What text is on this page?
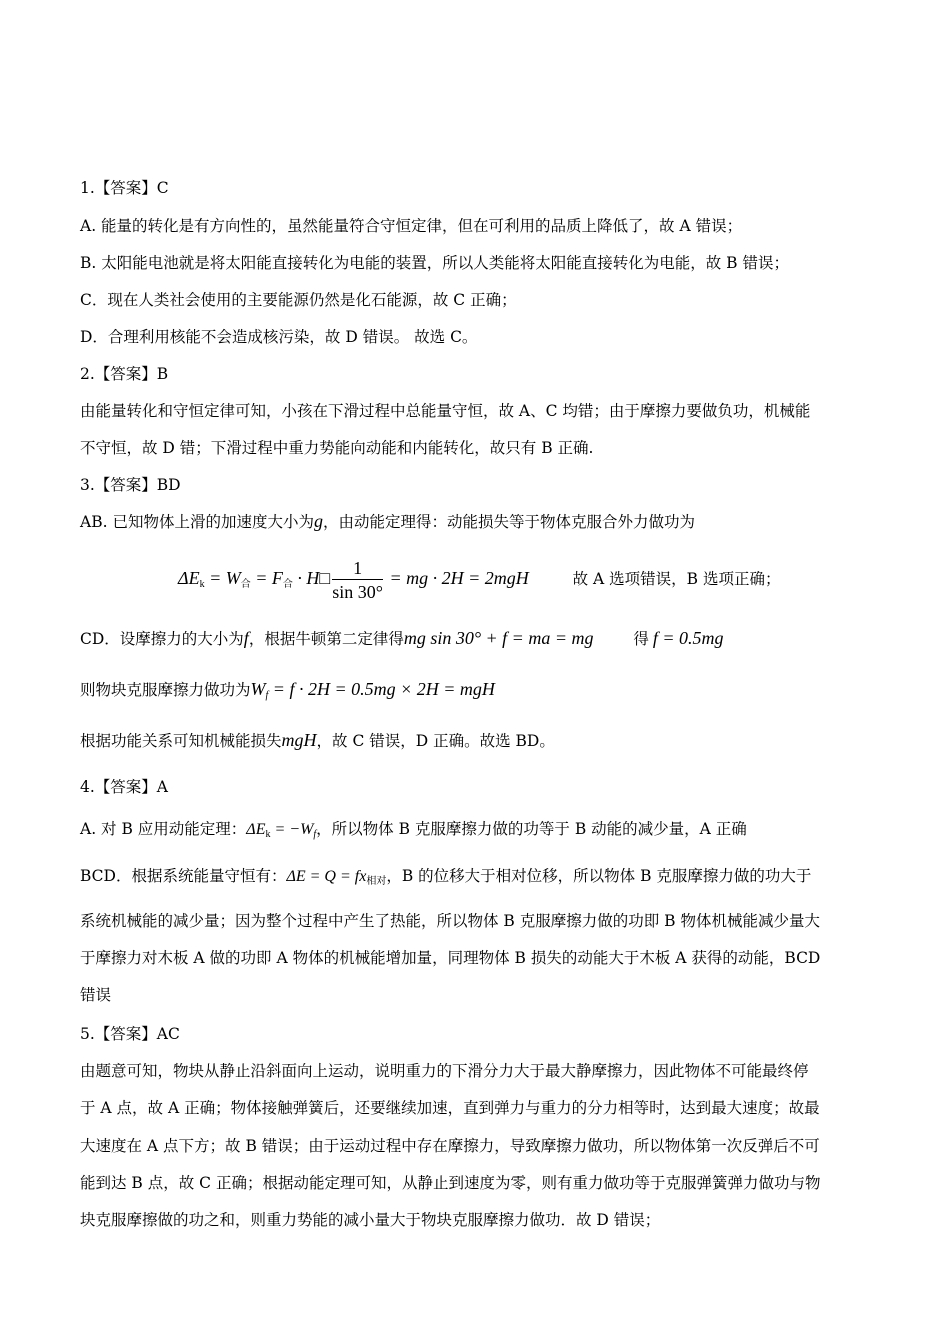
1.【答案】C
A. 能量的转化是有方向性的，虽然能量符合守恒定律，但在可利用的品质上降低了，故 A 错误；
B. 太阳能电池就是将太阳能直接转化为电能的装置，所以人类能将太阳能直接转化为电能，故 B 错误；
C．现在人类社会使用的主要能源仍然是化石能源，故 C 正确；
D．合理利用核能不会造成核污染，故 D 错误。 故选 C。
2.【答案】B
由能量转化和守恒定律可知，小孩在下滑过程中总能量守恒，故 A、C 均错；由于摩擦力要做负功，机械能
不守恒，故 D 错；下滑过程中重力势能向动能和内能转化，故只有 B 正确.
3.【答案】BD
AB. 已知物体上滑的加速度大小为g，由动能定理得：动能损失等于物体克服合外力做功为
$\Delta E_k = W_合 = F_合$ · H□ $\frac{1}{\sin 30^\circ}$ = mg · 2H = 2mgH	故 A 选项错误，B 选项正确；
CD．设摩擦力的大小为f，根据牛顿第二定律得mg sin 30° + f = ma = mg	得 f = 0.5mg
则物块克服摩擦力做功为$W_f = f \cdot 2H = 0.5mg \times 2H$ = mgH
根据功能关系可知机械能损失mgH，故 C 错误，D 正确。故选 BD。
4.【答案】A
A. 对 B 应用动能定理：$\Delta E_k = -W_f$，所以物体 B 克服摩擦力做的功等于 B 动能的减少量，A 正确
BCD．根据系统能量守恒有：$\Delta E = Q = fx_{相对}$，B 的位移大于相对位移，所以物体 B 克服摩擦力做的功大于
系统机械能的减少量；因为整个过程中产生了热能，所以物体 B 克服摩擦力做的功即 B 物体机械能减少量大
于摩擦力对木板 A 做的功即 A 物体的机械能增加量，同理物体 B 损失的动能大于木板 A 获得的动能，BCD
错误
5.【答案】AC
由题意可知，物块从静止沿斜面向上运动，说明重力的下滑分力大于最大静摩擦力，因此物体不可能最终停
于 A 点，故 A 正确；物体接触弹簧后，还要继续加速，直到弹力与重力的分力相等时，达到最大速度；故最
大速度在 A 点下方；故 B 错误；由于运动过程中存在摩擦力，导致摩擦力做功，所以物体第一次反弹后不可
能到达 B 点，故 C 正确；根据动能定理可知，从静止到速度为零，则有重力做功等于克服弹簧弹力做功与物
块克服摩擦做的功之和，则重力势能的减小量大于物块克服摩擦力做功．故 D 错误；
